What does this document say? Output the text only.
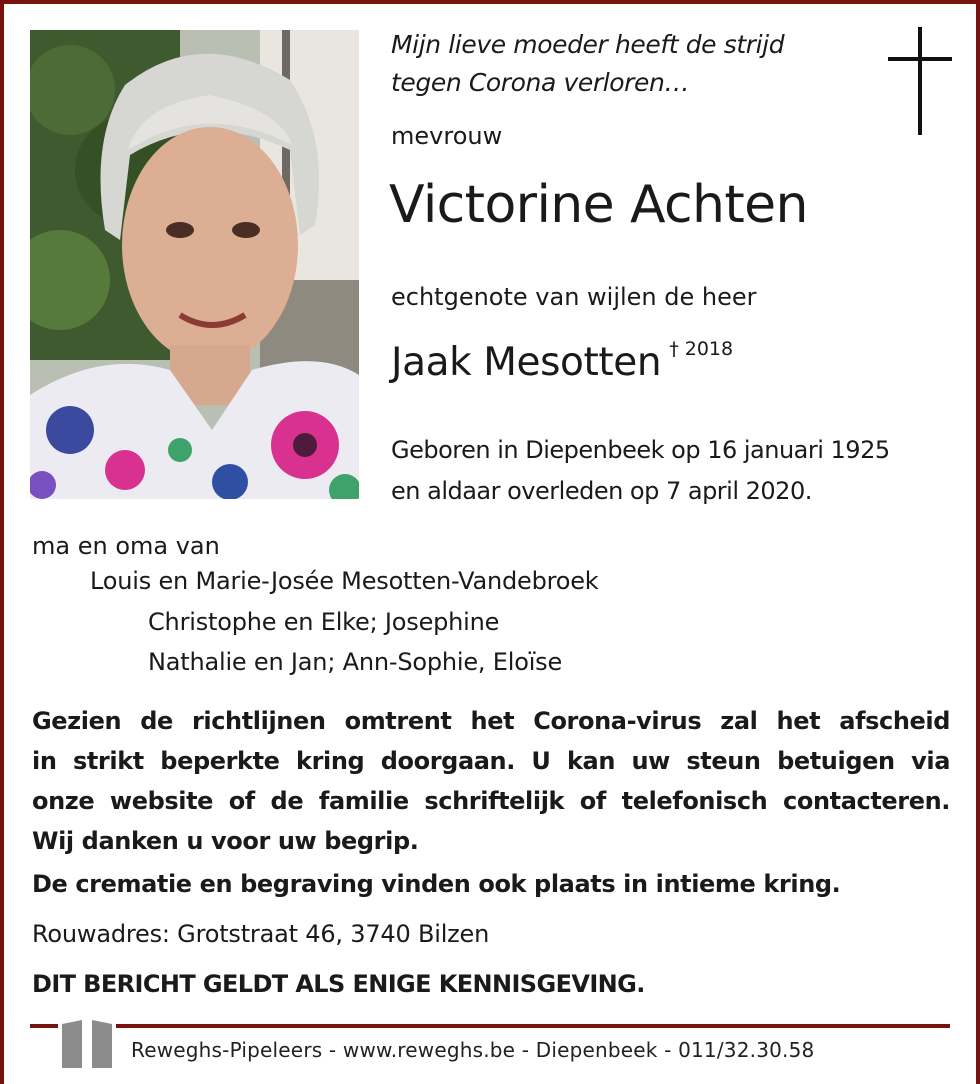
Mijn lieve moeder heeft de strijd
tegen Corona verloren…
mevrouw
Victorine Achten
echtgenote van wijlen de heer
Jaak Mesotten $^{\dagger 2018}$
Geboren in Diepenbeek op 16 januari 1925
en aldaar overleden op 7 april 2020.
ma en oma van
Louis en Marie-Josée Mesotten-Vandebroek
Christophe en Elke; Josephine
Nathalie en Jan; Ann-Sophie, Eloïse
Gezien de richtlijnen omtrent het Corona-virus zal het afscheid
in strikt beperkte kring doorgaan. U kan uw steun betuigen via
onze website of de familie schriftelijk of telefonisch contacteren.
Wij danken u voor uw begrip.
De crematie en begraving vinden ook plaats in intieme kring.
Rouwadres: Grotstraat 46, 3740 Bilzen
DIT BERICHT GELDT ALS ENIGE KENNISGEVING.
Reweghs-Pipeleers - www.reweghs.be - Diepenbeek - 011/32.30.58
